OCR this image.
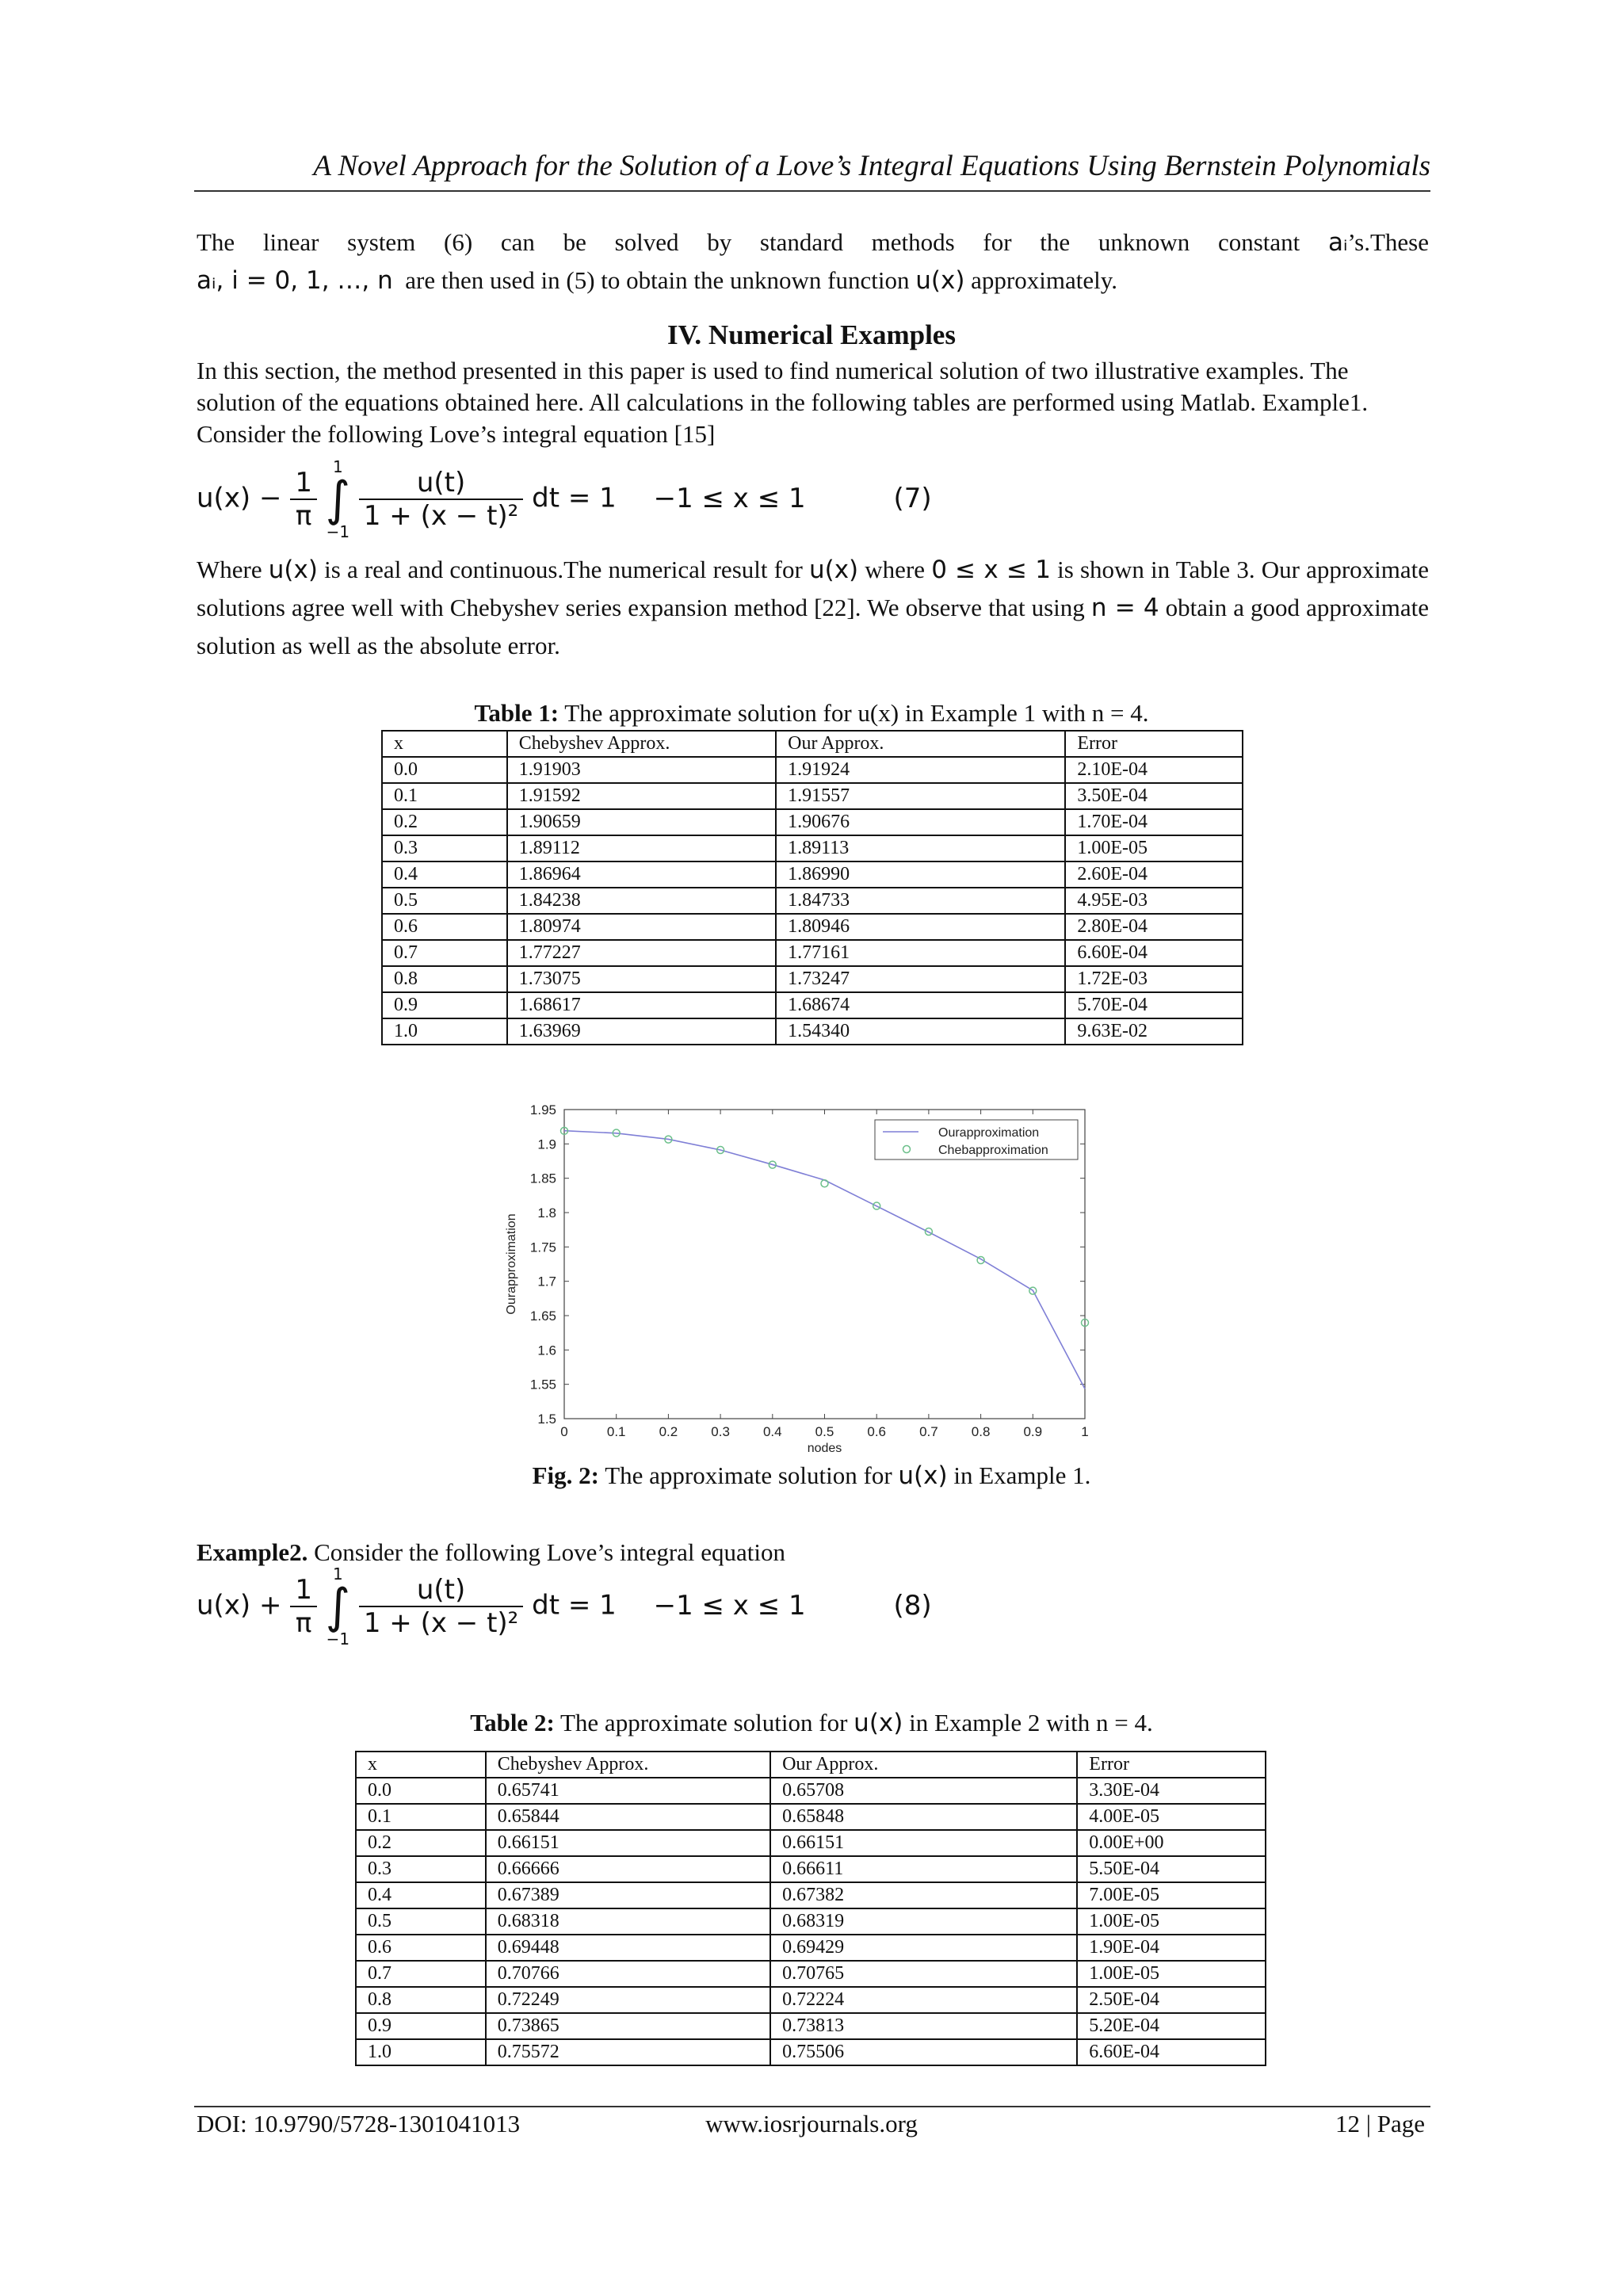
A Novel Approach for the Solution of a Love’s Integral Equations Using Bernstein Polynomials
The linear system (6) can be solved by standard methods for the unknown constant aᵢ’s.These
aᵢ, i = 0, 1, …, n are then used in (5) to obtain the unknown function u(x) approximately.
IV. Numerical Examples
In this section, the method presented in this paper is used to find numerical solution of two illustrative examples. The solution of the equations obtained here. All calculations in the following tables are performed using Matlab. Example1. Consider the following Love’s integral equation [15]
$u(x) - \frac{1}{\pi}$
	1
∫
−1
$\frac{u(t)}{\text{1 + (x − t)²}}$ dt = 1 −1 ≤ x ≤ 1	(7)
Where u(x) is a real and continuous.The numerical result for u(x) where 0 ≤ x ≤ 1 is shown in Table 3. Our approximate solutions agree well with Chebyshev series expansion method [22]. We observe that using n = 4 obtain a good approximate solution as well as the absolute error.
Table 1: The approximate solution for u(x) in Example 1 with n = 4.
x	Chebyshev Approx.	Our Approx.	Error
0.0	1.91903	1.91924	2.10E-04
0.1	1.91592	1.91557	3.50E-04
0.2	1.90659	1.90676	1.70E-04
0.3	1.89112	1.89113	1.00E-05
0.4	1.86964	1.86990	2.60E-04
0.5	1.84238	1.84733	4.95E-03
0.6	1.80974	1.80946	2.80E-04
0.7	1.77227	1.77161	6.60E-04
0.8	1.73075	1.73247	1.72E-03
0.9	1.68617	1.68674	5.70E-04
1.0	1.63969	1.54340	9.63E-02
1.5
1.55
1.6
1.65
1.7
1.75
1.8
1.85
1.9
1.95
0	0.1 0.2 0.3 0.4 0.5 0.6 0.7 0.8 0.9	1
nodes
Ourapproximation
Ourapproximation
Chebapproximation
Fig. 2: The approximate solution for u(x) in Example 1.
Example2. Consider the following Love’s integral equation
$u(x) + \frac{1}{\pi}$
	1
∫
−1
$\frac{u(t)}{\text{1 + (x − t)²}}$ dt = 1 −1 ≤ x ≤ 1	(8)
Table 2: The approximate solution for u(x) in Example 2 with n = 4.
x	Chebyshev Approx.	Our Approx.	Error
0.0	0.65741	0.65708	3.30E-04
0.1	0.65844	0.65848	4.00E-05
0.2	0.66151	0.66151	0.00E+00
0.3	0.66666	0.66611	5.50E-04
0.4	0.67389	0.67382	7.00E-05
0.5	0.68318	0.68319	1.00E-05
0.6	0.69448	0.69429	1.90E-04
0.7	0.70766	0.70765	1.00E-05
0.8	0.72249	0.72224	2.50E-04
0.9	0.73865	0.73813	5.20E-04
1.0	0.75572	0.75506	6.60E-04
DOI: 10.9790/5728-1301041013	www.iosrjournals.org	12 | Page
